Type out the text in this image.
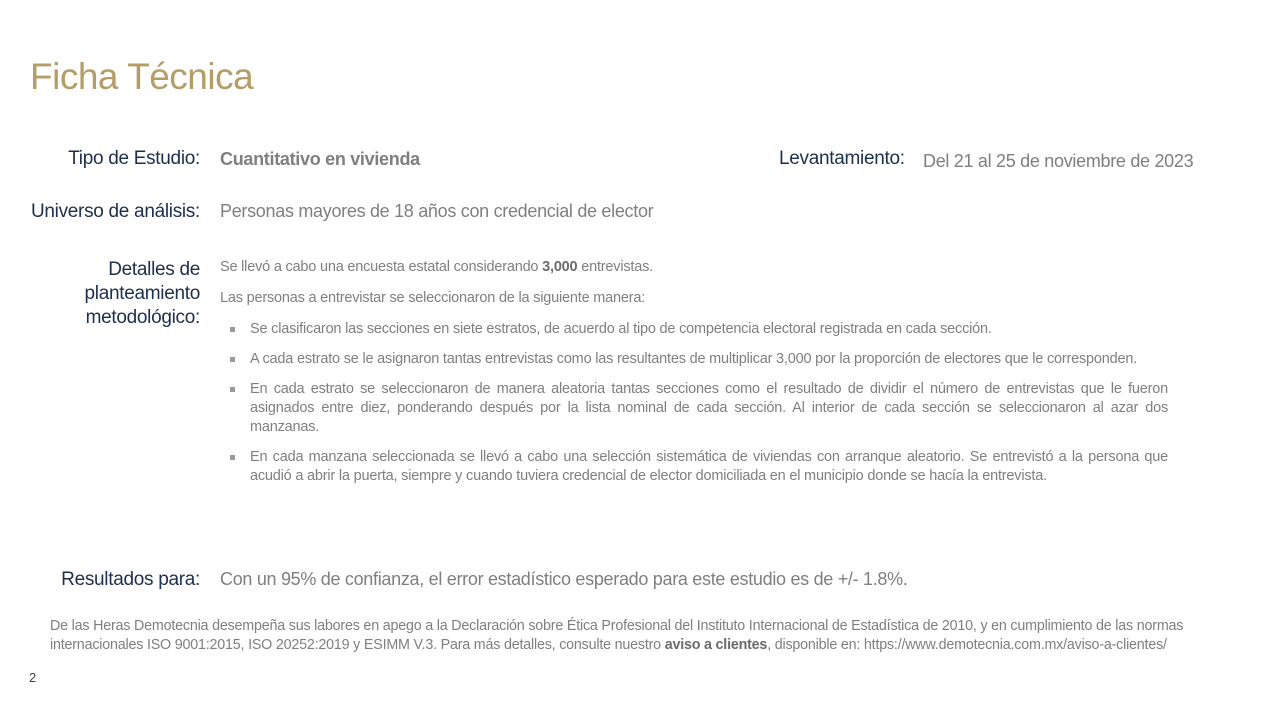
Ficha Técnica
Tipo de Estudio: Cuantitativo en vivienda	Levantamiento: Del 21 al 25 de noviembre de 2023
Universo de análisis: Personas mayores de 18 años con credencial de elector
Detalles de
planteamiento
metodológico:

Se llevó a cabo una encuesta estatal considerando 3,000 entrevistas.

Las personas a entrevistar se seleccionaron de la siguiente manera:

Se clasificaron las secciones en siete estratos, de acuerdo al tipo de competencia electoral registrada en cada sección.
A cada estrato se le asignaron tantas entrevistas como las resultantes de multiplicar 3,000 por la proporción de electores que le corresponden.
En cada estrato se seleccionaron de manera aleatoria tantas secciones como el resultado de dividir el número de entrevistas que le fueron asignados entre diez, ponderando después por la lista nominal de cada sección. Al interior de cada sección se seleccionaron al azar dos manzanas.
En cada manzana seleccionada se llevó a cabo una selección sistemática de viviendas con arranque aleatorio. Se entrevistó a la persona que acudió a abrir la puerta, siempre y cuando tuviera credencial de elector domiciliada en el municipio donde se hacía la entrevista.
Resultados para: Con un 95% de confianza, el error estadístico esperado para este estudio es de +/- 1.8%.
De las Heras Demotecnia desempeña sus labores en apego a la Declaración sobre Ética Profesional del Instituto Internacional de Estadística de 2010, y en cumplimiento de las normas internacionales ISO 9001:2015, ISO 20252:2019 y ESIMM V.3. Para más detalles, consulte nuestro aviso a clientes, disponible en: https://www.demotecnia.com.mx/aviso-a-clientes/
2
